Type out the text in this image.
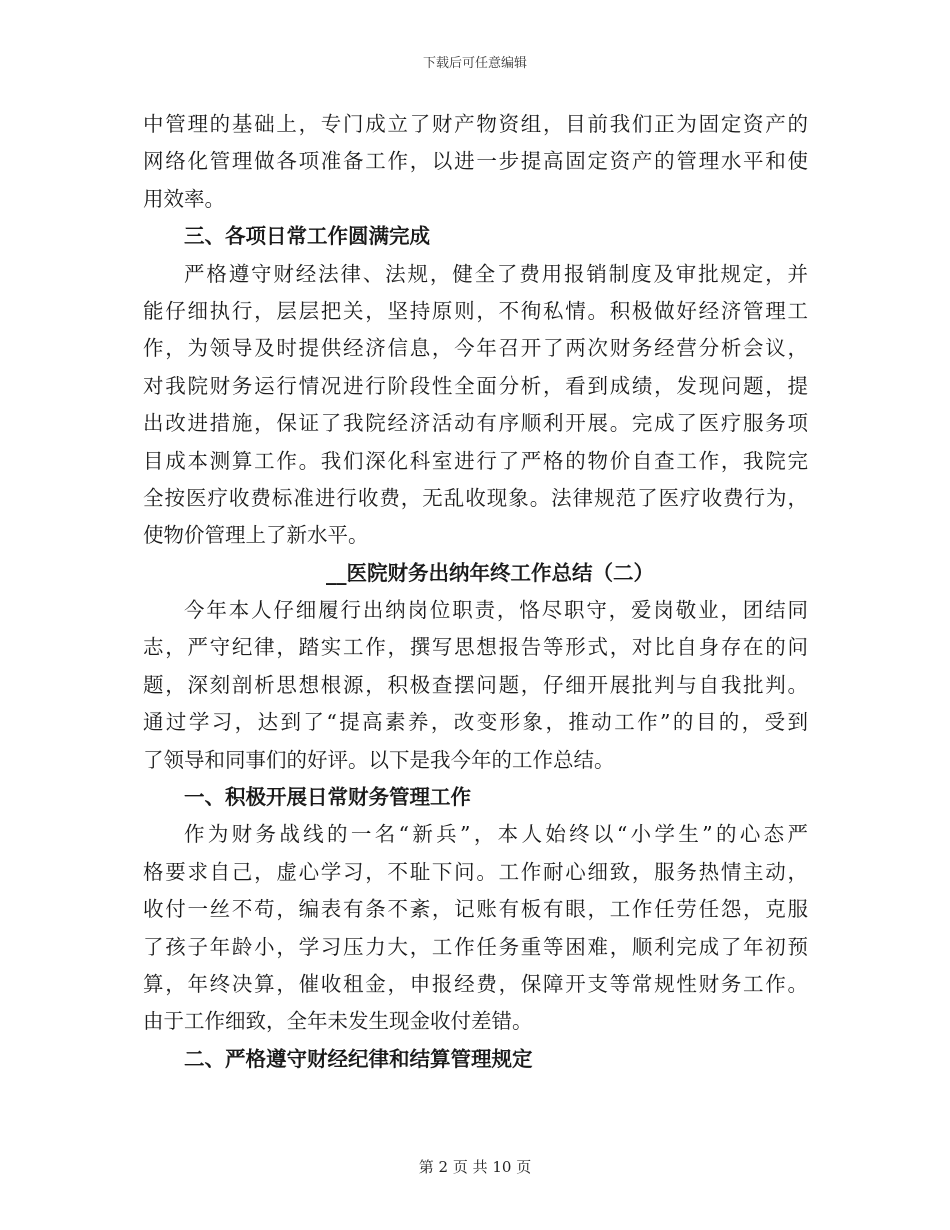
下载后可任意编辑
中管理的基础上，专门成立了财产物资组，目前我们正为固定资产的
网络化管理做各项准备工作，以进一步提高固定资产的管理水平和使
用效率。
三、各项日常工作圆满完成
严格遵守财经法律、法规，健全了费用报销制度及审批规定，并
能仔细执行，层层把关，坚持原则，不徇私情。积极做好经济管理工
作，为领导及时提供经济信息，今年召开了两次财务经营分析会议，
对我院财务运行情况进行阶段性全面分析，看到成绩，发现问题，提
出改进措施，保证了我院经济活动有序顺利开展。完成了医疗服务项
目成本测算工作。我们深化科室进行了严格的物价自查工作，我院完
全按医疗收费标准进行收费，无乱收现象。法律规范了医疗收费行为，
使物价管理上了新水平。
__医院财务出纳年终工作总结（二）
今年本人仔细履行出纳岗位职责，恪尽职守，爱岗敬业，团结同
志，严守纪律，踏实工作，撰写思想报告等形式，对比自身存在的问
题，深刻剖析思想根源，积极查摆问题，仔细开展批判与自我批判。
通过学习，达到了“提高素养，改变形象，推动工作”的目的，受到
了领导和同事们的好评。以下是我今年的工作总结。
一、积极开展日常财务管理工作
作为财务战线的一名“新兵”，本人始终以“小学生”的心态严
格要求自己，虚心学习，不耻下问。工作耐心细致，服务热情主动，
收付一丝不苟，编表有条不紊，记账有板有眼，工作任劳任怨，克服
了孩子年龄小，学习压力大，工作任务重等困难，顺利完成了年初预
算，年终决算，催收租金，申报经费，保障开支等常规性财务工作。
由于工作细致，全年未发生现金收付差错。
二、严格遵守财经纪律和结算管理规定
第 2 页 共 10 页
